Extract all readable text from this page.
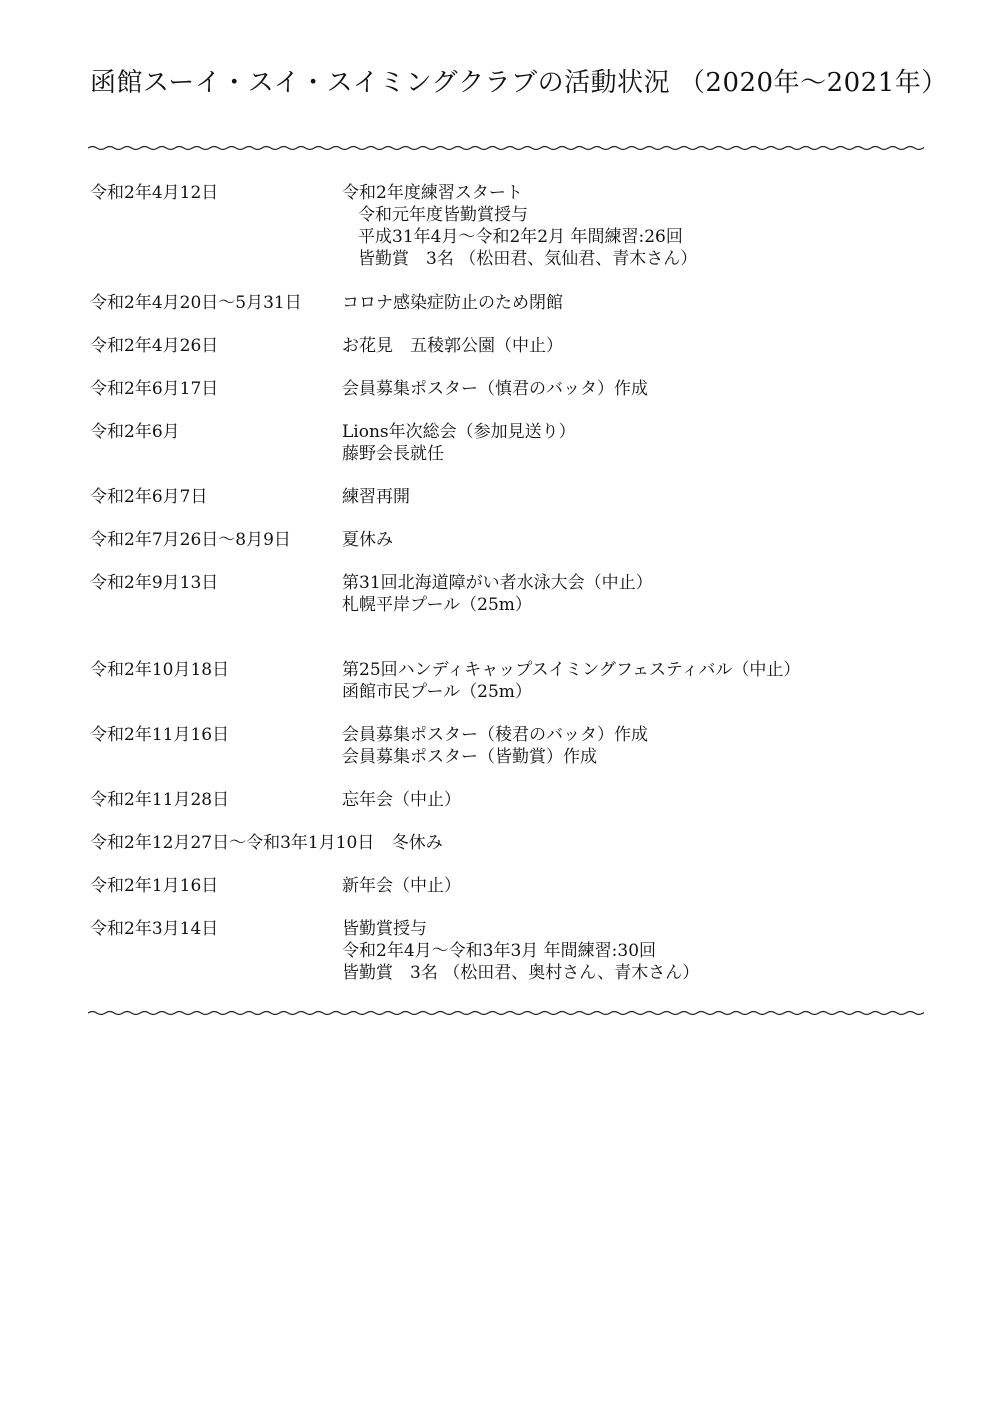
函館スーイ・スイ・スイミングクラブの活動状況 （2020年～2021年）
令和2年4月12日	令和2年度練習スタート
令和元年度皆勤賞授与
平成31年4月～令和2年2月 年間練習:26回
皆勤賞　3名 （松田君、気仙君、青木さん）
令和2年4月20日～5月31日 コロナ感染症防止のため閉館
令和2年4月26日	お花見　五稜郭公園（中止）
令和2年6月17日	会員募集ポスター（慎君のバッタ）作成
令和2年6月	Lions年次総会（参加見送り）
藤野会長就任
令和2年6月7日	練習再開
令和2年7月26日～8月9日	夏休み
令和2年9月13日	第31回北海道障がい者水泳大会（中止）
札幌平岸プール（25m）
令和2年10月18日	第25回ハンディキャップスイミングフェスティバル（中止）
函館市民プール（25m）
令和2年11月16日	会員募集ポスター（稜君のバッタ）作成
会員募集ポスター（皆勤賞）作成
令和2年11月28日	忘年会（中止）
令和2年12月27日～令和3年1月10日 冬休み
令和2年1月16日	新年会（中止）
令和2年3月14日	皆勤賞授与
令和2年4月～令和3年3月 年間練習:30回
皆勤賞　3名 （松田君、奥村さん、青木さん）
